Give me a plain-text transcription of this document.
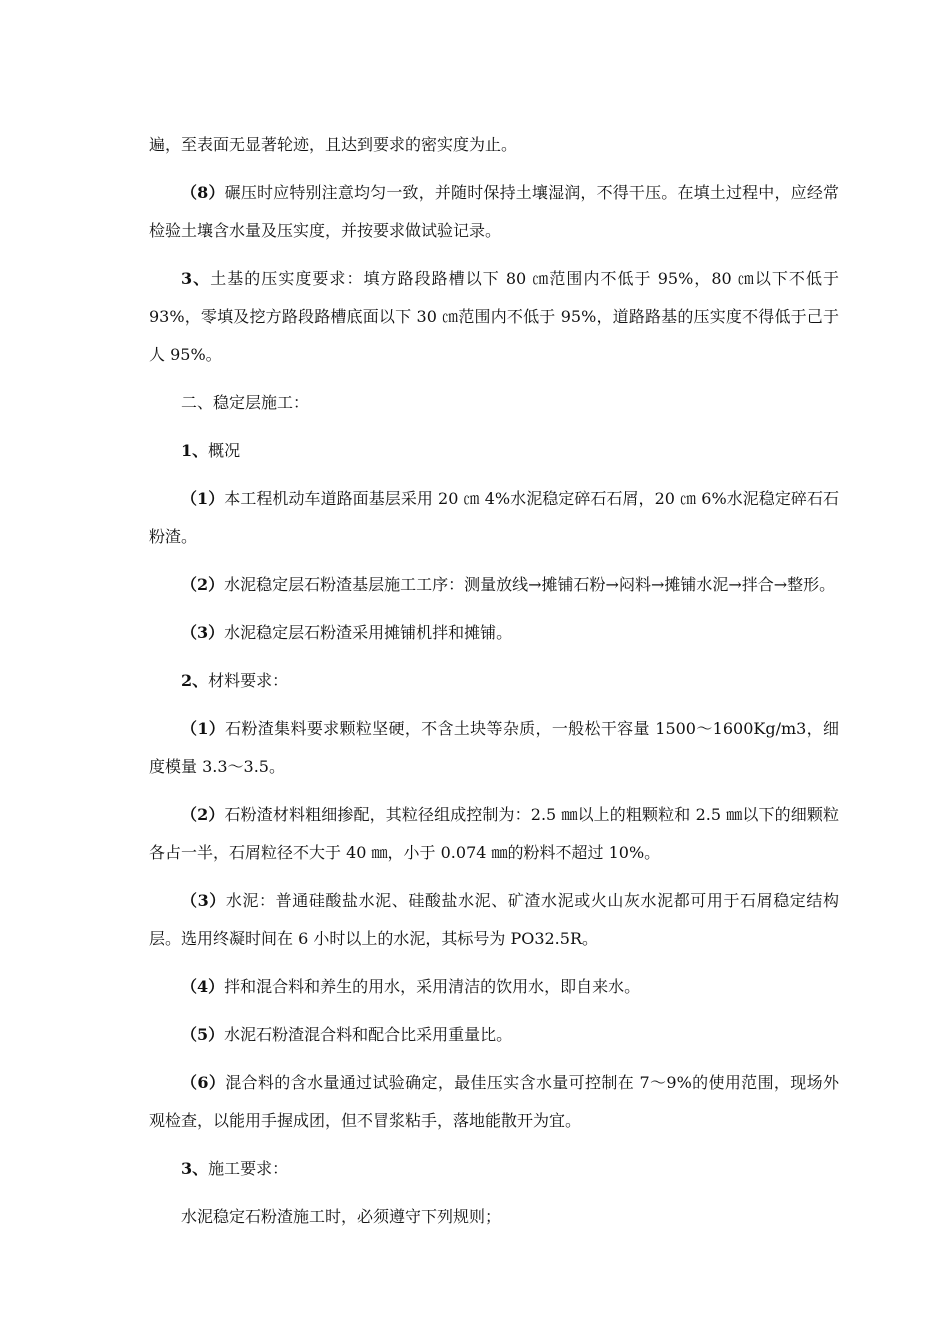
遍，至表面无显著轮迹，且达到要求的密实度为止。

（8）碾压时应特别注意均匀一致，并随时保持土壤湿润，不得干压。在填土过程中，应经常检验土壤含水量及压实度，并按要求做试验记录。

3、土基的压实度要求：填方路段路槽以下 80 ㎝范围内不低于 95%，80 ㎝以下不低于 93%，零填及挖方路段路槽底面以下 30 ㎝范围内不低于 95%，道路路基的压实度不得低于己于人 95%。

二、稳定层施工：

1、概况

（1）本工程机动车道路面基层采用 20 ㎝ 4%水泥稳定碎石石屑，20 ㎝ 6%水泥稳定碎石石粉渣。

（2）水泥稳定层石粉渣基层施工工序：测量放线→摊铺石粉→闷料→摊铺水泥→拌合→整形。

（3）水泥稳定层石粉渣采用摊铺机拌和摊铺。

2、材料要求：

（1）石粉渣集料要求颗粒坚硬，不含土块等杂质，一般松干容量 1500～1600Kg/m3，细度模量 3.3～3.5。

（2）石粉渣材料粗细掺配，其粒径组成控制为：2.5 ㎜以上的粗颗粒和 2.5 ㎜以下的细颗粒各占一半，石屑粒径不大于 40 ㎜，小于 0.074 ㎜的粉料不超过 10%。

（3）水泥：普通硅酸盐水泥、硅酸盐水泥、矿渣水泥或火山灰水泥都可用于石屑稳定结构层。选用终凝时间在 6 小时以上的水泥，其标号为 PO32.5R。

（4）拌和混合料和养生的用水，采用清洁的饮用水，即自来水。

（5）水泥石粉渣混合料和配合比采用重量比。

（6）混合料的含水量通过试验确定，最佳压实含水量可控制在 7～9%的使用范围，现场外观检查，以能用手握成团，但不冒浆粘手，落地能散开为宜。

3、施工要求：

水泥稳定石粉渣施工时，必须遵守下列规则；
